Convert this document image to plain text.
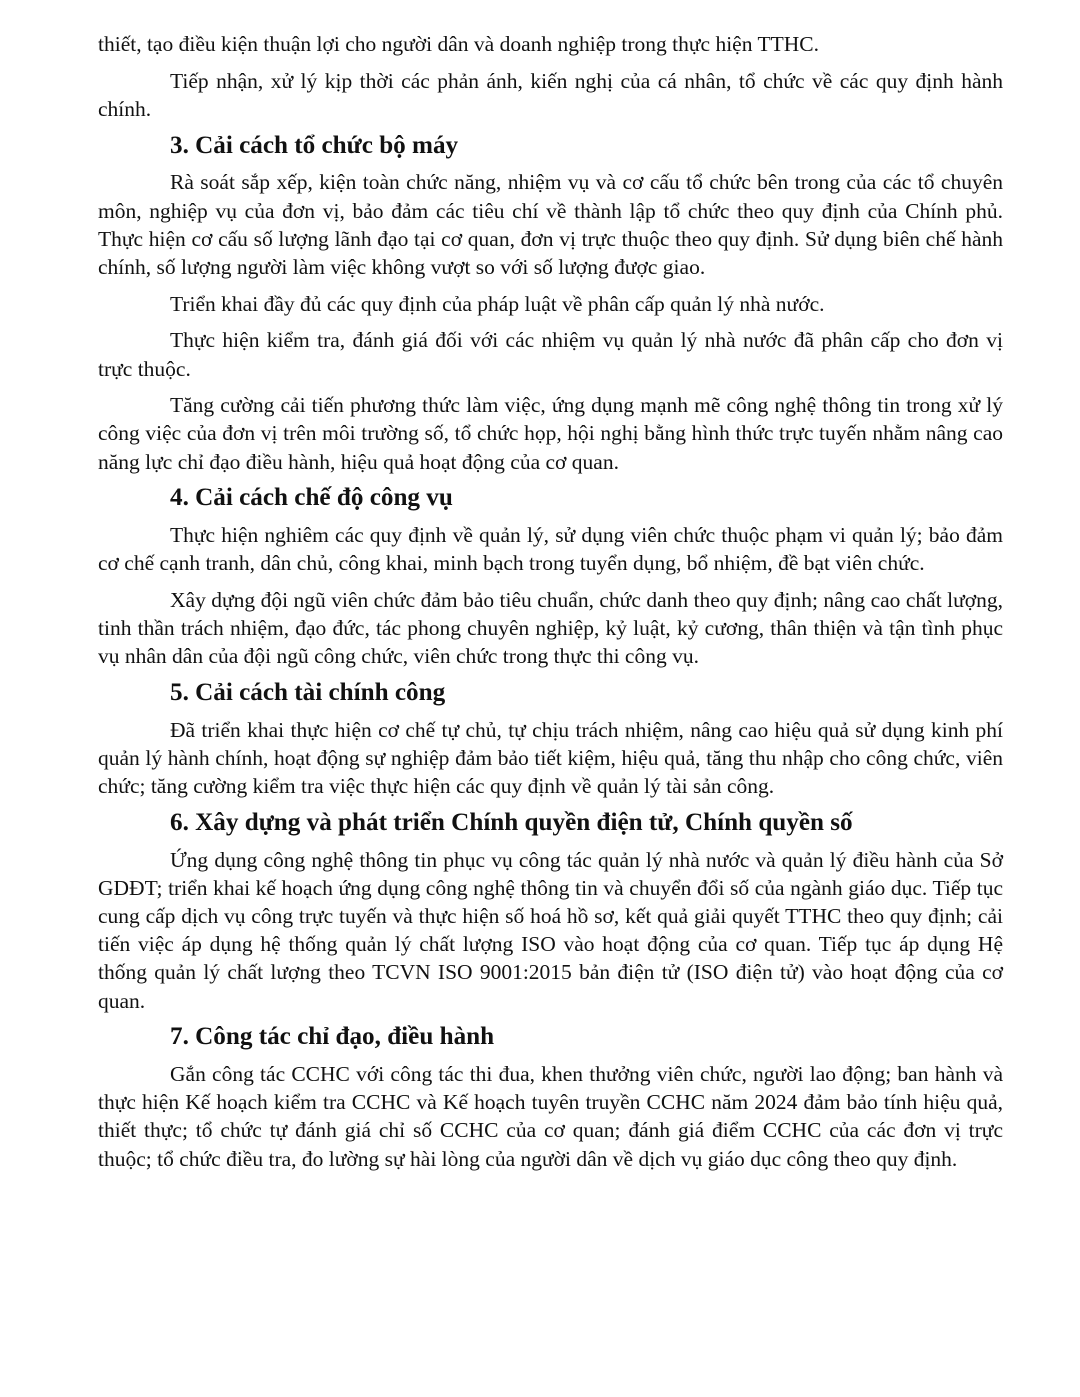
thiết, tạo điều kiện thuận lợi cho người dân và doanh nghiệp trong thực hiện TTHC.

Tiếp nhận, xử lý kịp thời các phản ánh, kiến nghị của cá nhân, tổ chức về các quy định hành chính.

3. Cải cách tổ chức bộ máy

Rà soát sắp xếp, kiện toàn chức năng, nhiệm vụ và cơ cấu tổ chức bên trong của các tổ chuyên môn, nghiệp vụ của đơn vị, bảo đảm các tiêu chí về thành lập tổ chức theo quy định của Chính phủ. Thực hiện cơ cấu số lượng lãnh đạo tại cơ quan, đơn vị trực thuộc theo quy định. Sử dụng biên chế hành chính, số lượng người làm việc không vượt so với số lượng được giao.

Triển khai đầy đủ các quy định của pháp luật về phân cấp quản lý nhà nước.

Thực hiện kiểm tra, đánh giá đối với các nhiệm vụ quản lý nhà nước đã phân cấp cho đơn vị trực thuộc.

Tăng cường cải tiến phương thức làm việc, ứng dụng mạnh mẽ công nghệ thông tin trong xử lý công việc của đơn vị trên môi trường số, tổ chức họp, hội nghị bằng hình thức trực tuyến nhằm nâng cao năng lực chỉ đạo điều hành, hiệu quả hoạt động của cơ quan.

4. Cải cách chế độ công vụ

Thực hiện nghiêm các quy định về quản lý, sử dụng viên chức thuộc phạm vi quản lý; bảo đảm cơ chế cạnh tranh, dân chủ, công khai, minh bạch trong tuyển dụng, bổ nhiệm, đề bạt viên chức.

Xây dựng đội ngũ viên chức đảm bảo tiêu chuẩn, chức danh theo quy định; nâng cao chất lượng, tinh thần trách nhiệm, đạo đức, tác phong chuyên nghiệp, kỷ luật, kỷ cương, thân thiện và tận tình phục vụ nhân dân của đội ngũ công chức, viên chức trong thực thi công vụ.

5. Cải cách tài chính công

Đã triển khai thực hiện cơ chế tự chủ, tự chịu trách nhiệm, nâng cao hiệu quả sử dụng kinh phí quản lý hành chính, hoạt động sự nghiệp đảm bảo tiết kiệm, hiệu quả, tăng thu nhập cho công chức, viên chức; tăng cường kiểm tra việc thực hiện các quy định về quản lý tài sản công.

6. Xây dựng và phát triển Chính quyền điện tử, Chính quyền số

Ứng dụng công nghệ thông tin phục vụ công tác quản lý nhà nước và quản lý điều hành của Sở GDĐT; triển khai kế hoạch ứng dụng công nghệ thông tin và chuyển đổi số của ngành giáo dục. Tiếp tục cung cấp dịch vụ công trực tuyến và thực hiện số hoá hồ sơ, kết quả giải quyết TTHC theo quy định; cải tiến việc áp dụng hệ thống quản lý chất lượng ISO vào hoạt động của cơ quan. Tiếp tục áp dụng Hệ thống quản lý chất lượng theo TCVN ISO 9001:2015 bản điện tử (ISO điện tử) vào hoạt động của cơ quan.

7. Công tác chỉ đạo, điều hành

Gắn công tác CCHC với công tác thi đua, khen thưởng viên chức, người lao động; ban hành và thực hiện Kế hoạch kiểm tra CCHC và Kế hoạch tuyên truyền CCHC năm 2024 đảm bảo tính hiệu quả, thiết thực; tổ chức tự đánh giá chỉ số CCHC của cơ quan; đánh giá điểm CCHC của các đơn vị trực thuộc; tổ chức điều tra, đo lường sự hài lòng của người dân về dịch vụ giáo dục công theo quy định.
